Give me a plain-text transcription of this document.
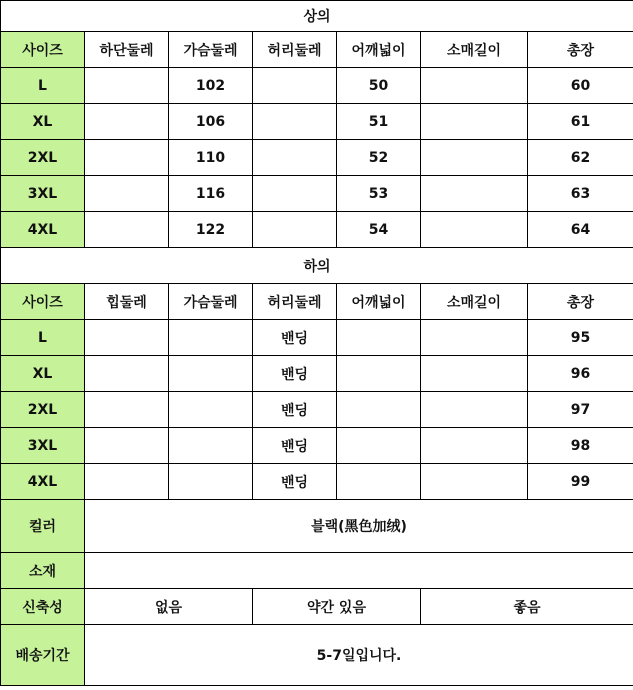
상의						
사이즈	하단둘레	가슴둘레	허리둘레	어깨넓이	소매길이	총장
L		102		50		60
XL		106		51		61
2XL		110		52		62
3XL		116		53		63
4XL		122		54		64
하의						
사이즈	힙둘레	가슴둘레	허리둘레	어깨넓이	소매길이	총장
L			밴딩			95
XL			밴딩			96
2XL			밴딩			97
3XL			밴딩			98
4XL			밴딩			99
컬러	블랙(黑色加绒)					
소재						
신축성	없음		약간 있음		좋음	
배송기간	5-7일입니다.					
